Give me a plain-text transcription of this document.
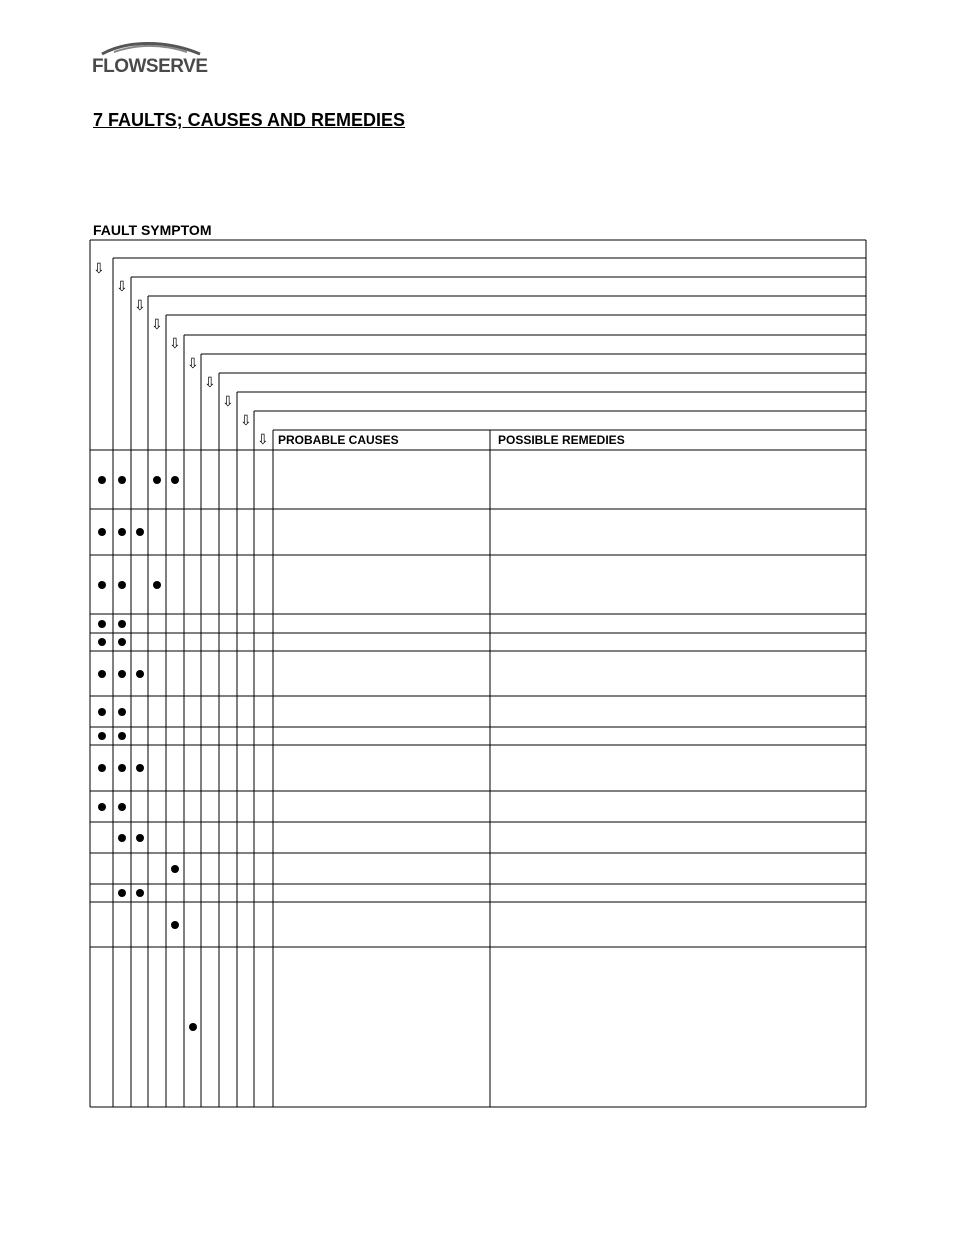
FLOWSERVE
7 FAULTS; CAUSES AND REMEDIES
FAULT SYMPTOM
⇩
⇩
⇩
⇩
⇩
⇩
⇩
⇩
⇩
⇩ PROBABLE CAUSES	POSSIBLE REMEDIES
